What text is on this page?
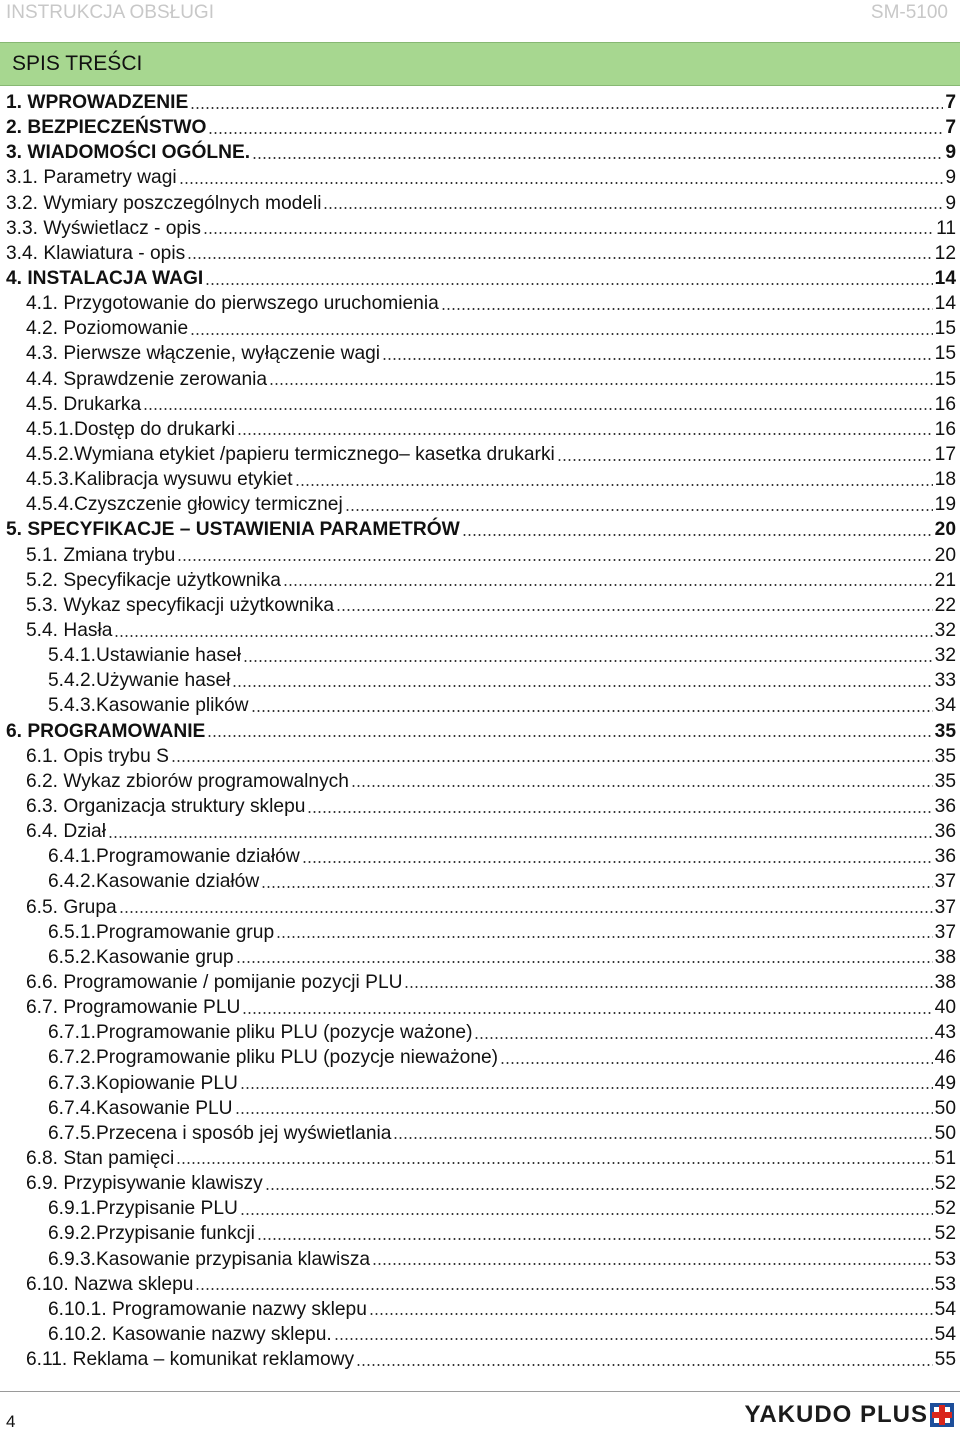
INSTRUKCJA OBSŁUGI	SM-5100
SPIS TREŚCI
1. WPROWADZENIE	7
2. BEZPIECZEŃSTWO	7
3. WIADOMOŚCI OGÓLNE.	9
3.1. Parametry wagi	9
3.2. Wymiary poszczególnych modeli	9
3.3. Wyświetlacz - opis	11
3.4. Klawiatura - opis	12
4. INSTALACJA WAGI	14
4.1. Przygotowanie do pierwszego uruchomienia	14
4.2. Poziomowanie	15
4.3. Pierwsze włączenie, wyłączenie wagi	15
4.4. Sprawdzenie zerowania	15
4.5. Drukarka	16
4.5.1.Dostęp do drukarki	16
4.5.2.Wymiana etykiet /papieru termicznego– kasetka drukarki	17
4.5.3.Kalibracja wysuwu etykiet	18
4.5.4.Czyszczenie głowicy termicznej	19
5. SPECYFIKACJE – USTAWIENIA PARAMETRÓW	20
5.1. Zmiana trybu	20
5.2. Specyfikacje użytkownika	21
5.3. Wykaz specyfikacji użytkownika	22
5.4. Hasła	32
5.4.1.Ustawianie haseł	32
5.4.2.Używanie haseł	33
5.4.3.Kasowanie plików	34
6. PROGRAMOWANIE	35
6.1. Opis trybu S	35
6.2. Wykaz zbiorów programowalnych	35
6.3. Organizacja struktury sklepu	36
6.4. Dział	36
6.4.1.Programowanie działów	36
6.4.2.Kasowanie działów	37
6.5. Grupa	37
6.5.1.Programowanie grup	37
6.5.2.Kasowanie grup	38
6.6. Programowanie / pomijanie pozycji PLU	38
6.7. Programowanie PLU	40
6.7.1.Programowanie pliku PLU (pozycje ważone)	43
6.7.2.Programowanie pliku PLU (pozycje nieważone)	46
6.7.3.Kopiowanie PLU	49
6.7.4.Kasowanie PLU	50
6.7.5.Przecena i sposób jej wyświetlania	50
6.8. Stan pamięci	51
6.9. Przypisywanie klawiszy	52
6.9.1.Przypisanie PLU	52
6.9.2.Przypisanie funkcji	52
6.9.3.Kasowanie przypisania klawisza	53
6.10. Nazwa sklepu	53
6.10.1. Programowanie nazwy sklepu	54
6.10.2. Kasowanie nazwy sklepu.	54
6.11. Reklama – komunikat reklamowy	55
4	YAKUDO PLUS
